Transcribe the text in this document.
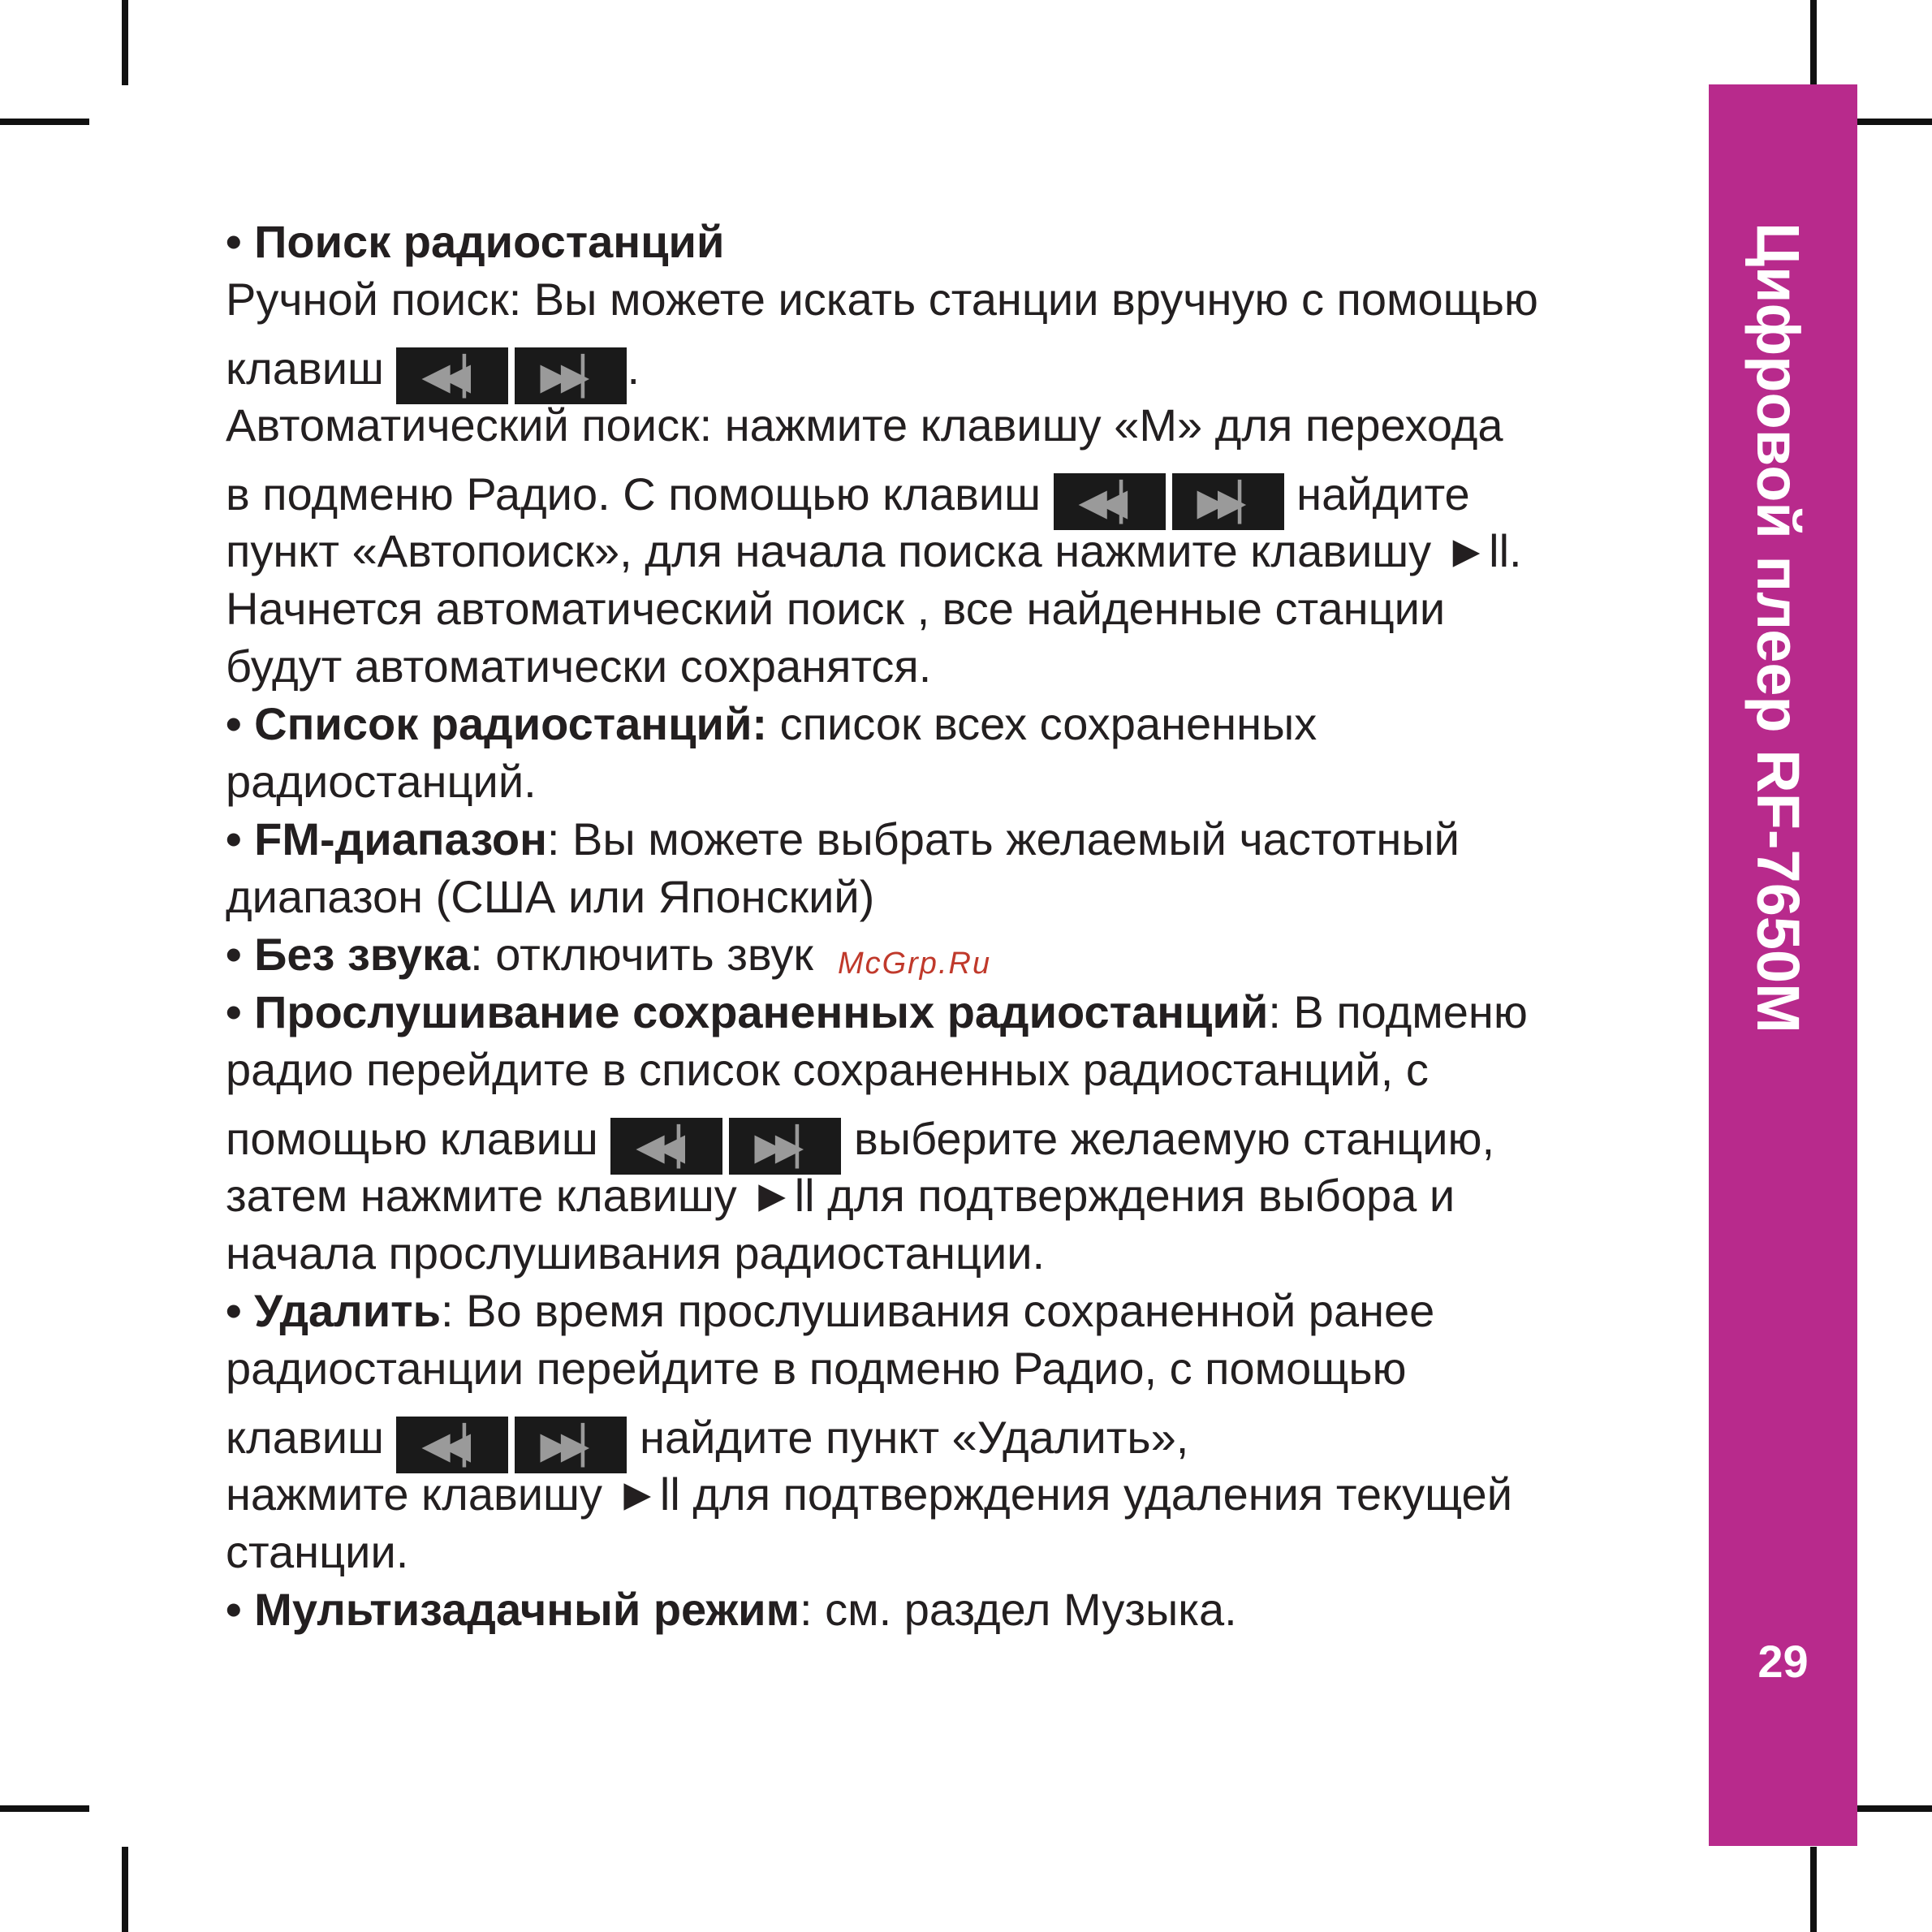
Цифровой плеер RF-7650M
29
• Поиск радиостанций
Ручной поиск: Вы можете искать станции вручную с помощью
клавиш ◀◀▏ ▶▶▏ .
Автоматический поиск: нажмите клавишу «М» для перехода
в подменю Радио. С помощью клавиш ◀◀▏ ▶▶▏ найдите
пункт «Автопоиск», для начала поиска нажмите клавишу ►ll.
Начнется автоматический поиск , все найденные станции
будут автоматически сохранятся.
• Список радиостанций: список всех сохраненных
радиостанций.
• FM-диапазон: Вы можете выбрать желаемый частотный
диапазон (США или Японский)
• Без звука: отключить звук McGrp.Ru
• Прослушивание сохраненных радиостанций: В подменю
радио перейдите в список сохраненных радиостанций, с
помощью клавиш ◀◀▏ ▶▶▏ выберите желаемую станцию,
затем нажмите клавишу ►ll для подтверждения выбора и
начала прослушивания радиостанции.
• Удалить: Во время прослушивания сохраненной ранее
радиостанции перейдите в подменю Радио, с помощью
клавиш ◀◀▏ ▶▶▏ найдите пункт «Удалить»,
нажмите клавишу ►ll для подтверждения удаления текущей
станции.
• Мультизадачный режим: см. раздел Музыка.
